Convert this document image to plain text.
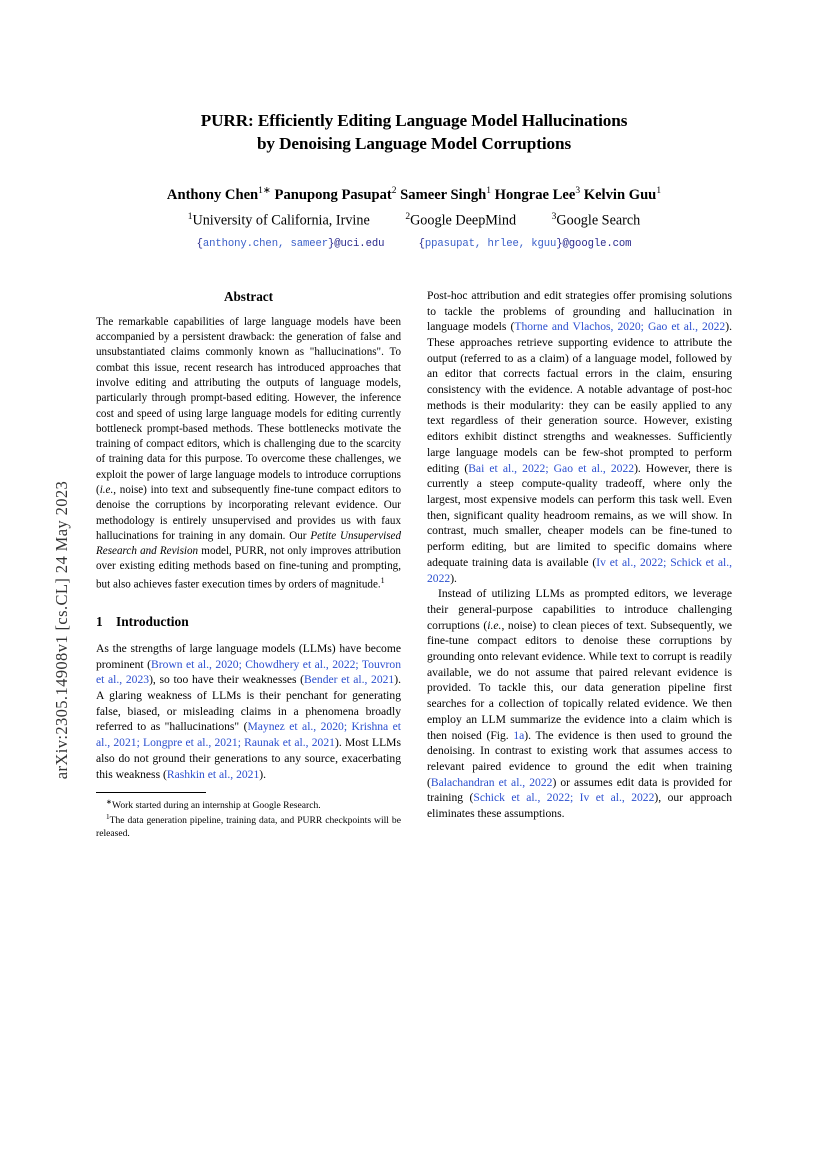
arXiv:2305.14908v1 [cs.CL] 24 May 2023
PURR: Efficiently Editing Language Model Hallucinations
by Denoising Language Model Corruptions
Anthony Chen$^{1∗}$ Panupong Pasupat$^2$ Sameer Singh$^1$ Hongrae Lee$^3$ Kelvin Guu$^1$
$^1$University of California, Irvine	$^2$Google DeepMind	$^3$Google Search
{anthony.chen, sameer}@uci.edu	{ppasupat, hrlee, kguu}@google.com
Abstract
The remarkable capabilities of large language models have been accompanied by a persistent drawback: the generation of false and unsubstantiated claims commonly known as "hallucinations". To combat this issue, recent research has introduced approaches that involve editing and attributing the outputs of language models, particularly through prompt-based editing. However, the inference cost and speed of using large language models for editing currently bottleneck prompt-based methods. These bottlenecks motivate the training of compact editors, which is challenging due to the scarcity of training data for this purpose. To overcome these challenges, we exploit the power of large language models to introduce corruptions (i.e., noise) into text and subsequently fine-tune compact editors to denoise the corruptions by incorporating relevant evidence. Our methodology is entirely unsupervised and provides us with faux hallucinations for training in any domain. Our Petite Unsupervised Research and Revision model, PURR, not only improves attribution over existing editing methods based on fine-tuning and prompting, but also achieves faster execution times by orders of magnitude.$^1$
1 Introduction

As the strengths of large language models (LLMs) have become prominent (Brown et al., 2020; Chowdhery et al., 2022; Touvron et al., 2023), so too have their weaknesses (Bender et al., 2021). A glaring weakness of LLMs is their penchant for generating false, biased, or misleading claims in a phenomena broadly referred to as "hallucinations" (Maynez et al., 2020; Krishna et al., 2021; Longpre et al., 2021; Raunak et al., 2021). Most LLMs also do not ground their generations to any source, exacerbating this weakness (Rashkin et al., 2021).

∗Work started during an internship at Google Research.
$^1$The data generation pipeline, training data, and PURR checkpoints will be released.

Post-hoc attribution and edit strategies offer promising solutions to tackle the problems of grounding and hallucination in language models (Thorne and Vlachos, 2020; Gao et al., 2022). These approaches retrieve supporting evidence to attribute the output (referred to as a claim) of a language model, followed by an editor that corrects factual errors in the claim, ensuring consistency with the evidence. A notable advantage of post-hoc methods is their modularity: they can be easily applied to any text regardless of their generation source. However, existing editors exhibit distinct strengths and weaknesses. Sufficiently large language models can be few-shot prompted to perform editing (Bai et al., 2022; Gao et al., 2022). However, there is currently a steep compute-quality tradeoff, where only the largest, most expensive models can perform this task well. Even then, significant quality headroom remains, as we will show. In contrast, much smaller, cheaper models can be fine-tuned to perform editing, but are limited to specific domains where adequate training data is available (Iv et al., 2022; Schick et al., 2022).

Instead of utilizing LLMs as prompted editors, we leverage their general-purpose capabilities to introduce challenging corruptions (i.e., noise) to clean pieces of text. Subsequently, we fine-tune compact editors to denoise these corruptions by grounding onto relevant evidence. While text to corrupt is readily available, we do not assume that paired relevant evidence is provided. To tackle this, our data generation pipeline first searches for a collection of topically related evidence. We then employ an LLM summarize the evidence into a claim which is then noised (Fig. 1a). The evidence is then used to ground the denoising. In contrast to existing work that assumes access to relevant paired evidence to ground the edit when training (Balachandran et al., 2022) or assumes edit data is provided for training (Schick et al., 2022; Iv et al., 2022), our approach eliminates these assumptions.
